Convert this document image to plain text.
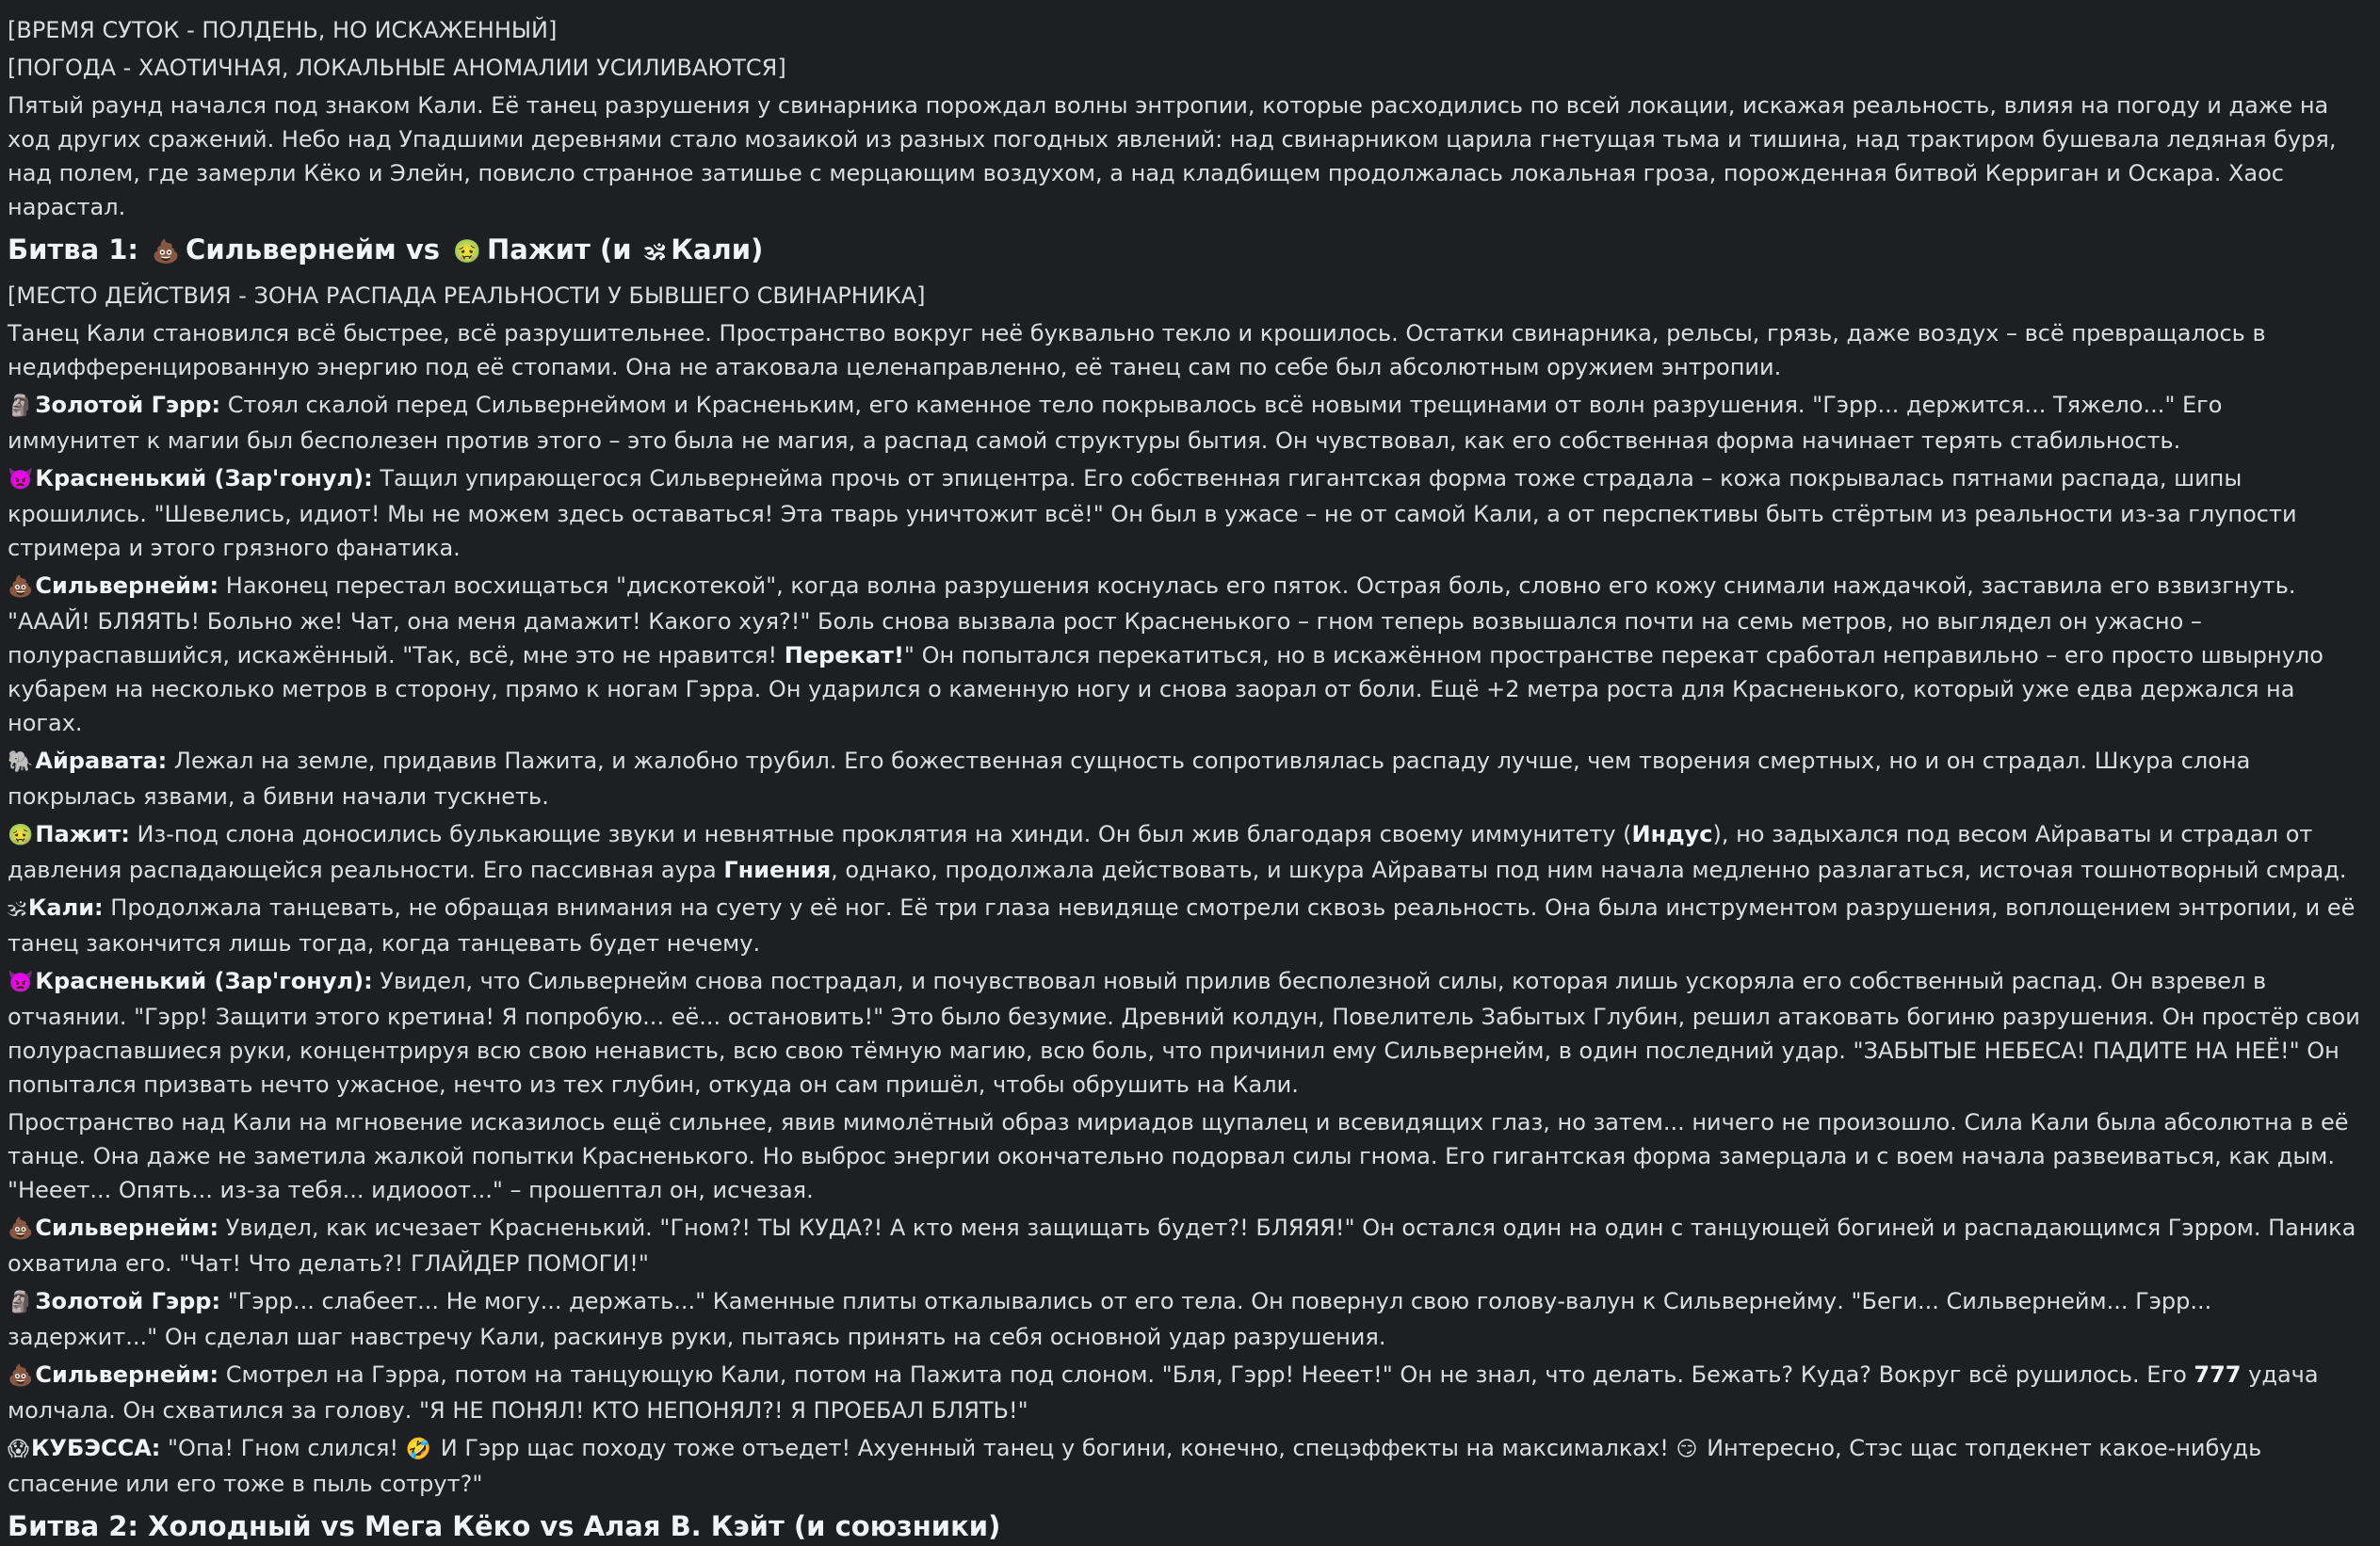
[ВРЕМЯ СУТОК - ПОЛДЕНЬ, НО ИСКАЖЕННЫЙ]
[ПОГОДА - ХАОТИЧНАЯ, ЛОКАЛЬНЫЕ АНОМАЛИИ УСИЛИВАЮТСЯ]
Пятый раунд начался под знаком Кали. Её танец разрушения у свинарника порождал волны энтропии, которые расходились по всей локации, искажая реальность, влияя на погоду и даже на ход других сражений. Небо над Упадшими деревнями стало мозаикой из разных погодных явлений: над свинарником царила гнетущая тьма и тишина, над трактиром бушевала ледяная буря, над полем, где замерли Кёко и Элейн, повисло странное затишье с мерцающим воздухом, а над кладбищем продолжалась локальная гроза, порожденная битвой Керриган и Оскара. Хаос нарастал.
Битва 1: 💩 Сильвернейм vs 🤢 Пажит (и 🕉 Кали)
[МЕСТО ДЕЙСТВИЯ - ЗОНА РАСПАДА РЕАЛЬНОСТИ У БЫВШЕГО СВИНАРНИКА]
Танец Кали становился всё быстрее, всё разрушительнее. Пространство вокруг неё буквально текло и крошилось. Остатки свинарника, рельсы, грязь, даже воздух – всё превращалось в недифференцированную энергию под её стопами. Она не атаковала целенаправленно, её танец сам по себе был абсолютным оружием энтропии.
🗿Золотой Гэрр: Стоял скалой перед Сильвернеймом и Красненьким, его каменное тело покрывалось всё новыми трещинами от волн разрушения. "Гэрр... держится... Тяжело..." Его иммунитет к магии был бесполезен против этого – это была не магия, а распад самой структуры бытия. Он чувствовал, как его собственная форма начинает терять стабильность.
👿Красненький (Зар'гонул): Тащил упирающегося Сильвернейма прочь от эпицентра. Его собственная гигантская форма тоже страдала – кожа покрывалась пятнами распада, шипы крошились. "Шевелись, идиот! Мы не можем здесь оставаться! Эта тварь уничтожит всё!" Он был в ужасе – не от самой Кали, а от перспективы быть стёртым из реальности из-за глупости стримера и этого грязного фанатика.
💩Сильвернейм: Наконец перестал восхищаться "дискотекой", когда волна разрушения коснулась его пяток. Острая боль, словно его кожу снимали наждачкой, заставила его взвизгнуть. "АААЙ! БЛЯЯТЬ! Больно же! Чат, она меня дамажит! Какого хуя?!" Боль снова вызвала рост Красненького – гном теперь возвышался почти на семь метров, но выглядел он ужасно – полураспавшийся, искажённый. "Так, всё, мне это не нравится! Перекат!" Он попытался перекатиться, но в искажённом пространстве перекат сработал неправильно – его просто швырнуло кубарем на несколько метров в сторону, прямо к ногам Гэрра. Он ударился о каменную ногу и снова заорал от боли. Ещё +2 метра роста для Красненького, который уже едва держался на ногах.
🐘Айравата: Лежал на земле, придавив Пажита, и жалобно трубил. Его божественная сущность сопротивлялась распаду лучше, чем творения смертных, но и он страдал. Шкура слона покрылась язвами, а бивни начали тускнеть.
🤢Пажит: Из-под слона доносились булькающие звуки и невнятные проклятия на хинди. Он был жив благодаря своему иммунитету (Индус), но задыхался под весом Айраваты и страдал от давления распадающейся реальности. Его пассивная аура Гниения, однако, продолжала действовать, и шкура Айраваты под ним начала медленно разлагаться, источая тошнотворный смрад.
🕉Кали: Продолжала танцевать, не обращая внимания на суету у её ног. Её три глаза невидяще смотрели сквозь реальность. Она была инструментом разрушения, воплощением энтропии, и её танец закончится лишь тогда, когда танцевать будет нечему.
👿Красненький (Зар'гонул): Увидел, что Сильвернейм снова пострадал, и почувствовал новый прилив бесполезной силы, которая лишь ускоряла его собственный распад. Он взревел в отчаянии. "Гэрр! Защити этого кретина! Я попробую... её... остановить!" Это было безумие. Древний колдун, Повелитель Забытых Глубин, решил атаковать богиню разрушения. Он простёр свои полураспавшиеся руки, концентрируя всю свою ненависть, всю свою тёмную магию, всю боль, что причинил ему Сильвернейм, в один последний удар. "ЗАБЫТЫЕ НЕБЕСА! ПАДИТЕ НА НЕЁ!" Он попытался призвать нечто ужасное, нечто из тех глубин, откуда он сам пришёл, чтобы обрушить на Кали.
Пространство над Кали на мгновение исказилось ещё сильнее, явив мимолётный образ мириадов щупалец и всевидящих глаз, но затем... ничего не произошло. Сила Кали была абсолютна в её танце. Она даже не заметила жалкой попытки Красненького. Но выброс энергии окончательно подорвал силы гнома. Его гигантская форма замерцала и с воем начала развеиваться, как дым. "Нееет... Опять... из-за тебя... идиооот..." – прошептал он, исчезая.
💩Сильвернейм: Увидел, как исчезает Красненький. "Гном?! ТЫ КУДА?! А кто меня защищать будет?! БЛЯЯЯ!" Он остался один на один с танцующей богиней и распадающимся Гэрром. Паника охватила его. "Чат! Что делать?! ГЛАЙДЕР ПОМОГИ!"
🗿Золотой Гэрр: "Гэрр... слабеет... Не могу... держать..." Каменные плиты откалывались от его тела. Он повернул свою голову-валун к Сильвернейму. "Беги... Сильвернейм... Гэрр... задержит..." Он сделал шаг навстречу Кали, раскинув руки, пытаясь принять на себя основной удар разрушения.
💩Сильвернейм: Смотрел на Гэрра, потом на танцующую Кали, потом на Пажита под слоном. "Бля, Гэрр! Нееет!" Он не знал, что делать. Бежать? Куда? Вокруг всё рушилось. Его 777 удача молчала. Он схватился за голову. "Я НЕ ПОНЯЛ! КТО НЕПОНЯЛ?! Я ПРОЕБАЛ БЛЯТЬ!"
😱КУБЭССА: "Опа! Гном слился! 🤣 И Гэрр щас походу тоже отъедет! Ахуенный танец у богини, конечно, спецэффекты на максималках! 😏 Интересно, Стэс щас топдекнет какое-нибудь спасение или его тоже в пыль сотрут?"
Битва 2: Холодный vs Мега Кёко vs Алая В. Кэйт (и союзники)
